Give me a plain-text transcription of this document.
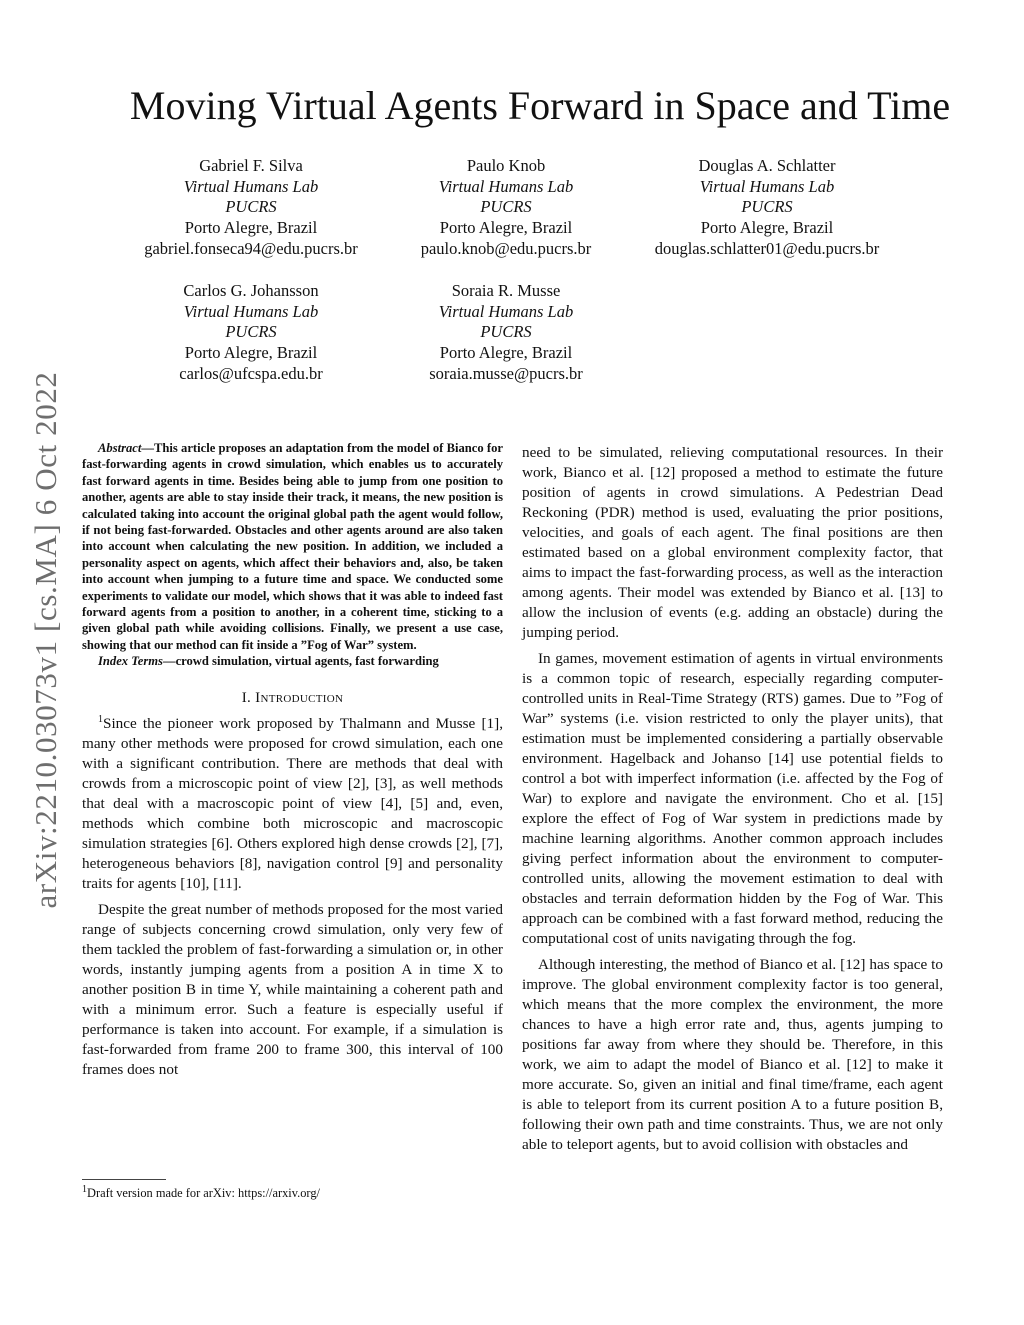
arXiv:2210.03073v1 [cs.MA] 6 Oct 2022
Moving Virtual Agents Forward in Space and Time
Gabriel F. Silva
Virtual Humans Lab
PUCRS
Porto Alegre, Brazil
gabriel.fonseca94@edu.pucrs.br
Paulo Knob
Virtual Humans Lab
PUCRS
Porto Alegre, Brazil
paulo.knob@edu.pucrs.br
Douglas A. Schlatter
Virtual Humans Lab
PUCRS
Porto Alegre, Brazil
douglas.schlatter01@edu.pucrs.br
Carlos G. Johansson
Virtual Humans Lab
PUCRS
Porto Alegre, Brazil
carlos@ufcspa.edu.br
Soraia R. Musse
Virtual Humans Lab
PUCRS
Porto Alegre, Brazil
soraia.musse@pucrs.br

Abstract—This article proposes an adaptation from the model of Bianco for fast-forwarding agents in crowd simulation, which enables us to accurately fast forward agents in time. Besides being able to jump from one position to another, agents are able to stay inside their track, it means, the new position is calculated taking into account the original global path the agent would follow, if not being fast-forwarded. Obstacles and other agents around are also taken into account when calculating the new position. In addition, we included a personality aspect on agents, which affect their behaviors and, also, be taken into account when jumping to a future time and space. We conducted some experiments to validate our model, which shows that it was able to indeed fast forward agents from a position to another, in a coherent time, sticking to a given global path while avoiding collisions. Finally, we present a use case, showing that our method can fit inside a ”Fog of War” system.

Index Terms—crowd simulation, virtual agents, fast forwarding

I. Introduction

$^1$Since the pioneer work proposed by Thalmann and Musse [1], many other methods were proposed for crowd simulation, each one with a significant contribution. There are methods that deal with crowds from a microscopic point of view [2], [3], as well methods that deal with a macroscopic point of view [4], [5] and, even, methods which combine both microscopic and macroscopic simulation strategies [6]. Others explored high dense crowds [2], [7], heterogeneous behaviors [8], navigation control [9] and personality traits for agents [10], [11].

Despite the great number of methods proposed for the most varied range of subjects concerning crowd simulation, only very few of them tackled the problem of fast-forwarding a simulation or, in other words, instantly jumping agents from a position A in time X to another position B in time Y, while maintaining a coherent path and with a minimum error. Such a feature is especially useful if performance is taken into account. For example, if a simulation is fast-forwarded from frame 200 to frame 300, this interval of 100 frames does not

need to be simulated, relieving computational resources. In their work, Bianco et al. [12] proposed a method to estimate the future position of agents in crowd simulations. A Pedestrian Dead Reckoning (PDR) method is used, evaluating the prior positions, velocities, and goals of each agent. The final positions are then estimated based on a global environment complexity factor, that aims to impact the fast-forwarding process, as well as the interaction among agents. Their model was extended by Bianco et al. [13] to allow the inclusion of events (e.g. adding an obstacle) during the jumping period.

In games, movement estimation of agents in virtual environments is a common topic of research, especially regarding computer-controlled units in Real-Time Strategy (RTS) games. Due to ”Fog of War” systems (i.e. vision restricted to only the player units), that estimation must be implemented considering a partially observable environment. Hagelback and Johanso [14] use potential fields to control a bot with imperfect information (i.e. affected by the Fog of War) to explore and navigate the environment. Cho et al. [15] explore the effect of Fog of War system in predictions made by machine learning algorithms. Another common approach includes giving perfect information about the environment to computer-controlled units, allowing the movement estimation to deal with obstacles and terrain deformation hidden by the Fog of War. This approach can be combined with a fast forward method, reducing the computational cost of units navigating through the fog.

Although interesting, the method of Bianco et al. [12] has space to improve. The global environment complexity factor is too general, which means that the more complex the environment, the more chances to have a high error rate and, thus, agents jumping to positions far away from where they should be. Therefore, in this work, we aim to adapt the model of Bianco et al. [12] to make it more accurate. So, given an initial and final time/frame, each agent is able to teleport from its current position A to a future position B, following their own path and time constraints. Thus, we are not only able to teleport agents, but to avoid collision with obstacles and

$^1$Draft version made for arXiv: https://arxiv.org/
